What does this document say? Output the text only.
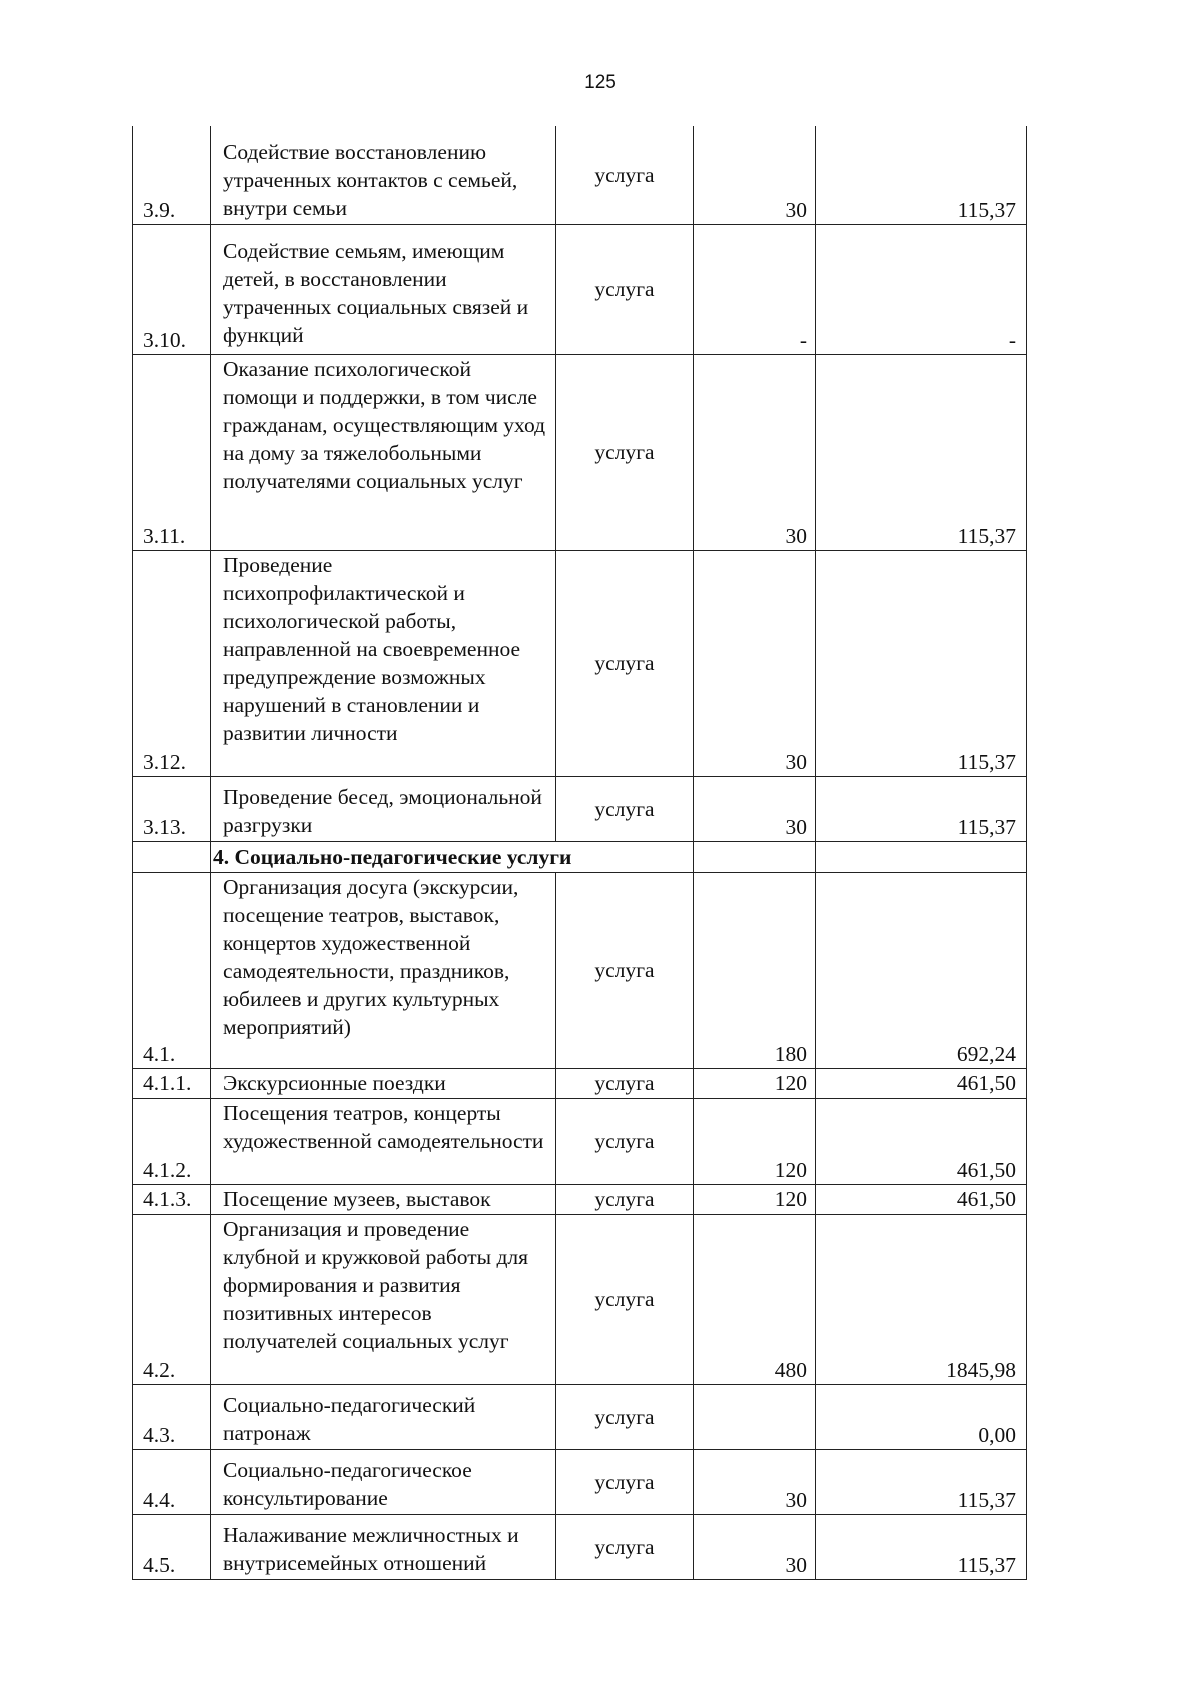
125
3.9.	Содействие восстановлению утраченных контактов с семьей, внутри семьи	услуга	30	115,37
3.10.	Содействие семьям, имеющим детей, в восстановлении утраченных социальных связей и функций	услуга	-	-
3.11.	Оказание психологической помощи и поддержки, в том числе гражданам, осуществляющим уход на дому за тяжелобольными получателями социальных услуг	услуга	30	115,37
3.12.	Проведение психопрофилактической и психологической работы, направленной на своевременное предупреждение возможных нарушений в становлении и развитии личности	услуга	30	115,37
3.13.	Проведение бесед, эмоциональной разгрузки	услуга	30	115,37
	4. Социально-педагогические услуги			
4.1.	Организация досуга (экскурсии, посещение театров, выставок, концертов художественной самодеятельности, праздников, юбилеев и других культурных мероприятий)	услуга	180	692,24
4.1.1.	Экскурсионные поездки	услуга	120	461,50
4.1.2.	Посещения театров, концерты художественной самодеятельности	услуга	120	461,50
4.1.3.	Посещение музеев, выставок	услуга	120	461,50
4.2.	Организация и проведение клубной и кружковой работы для формирования и развития позитивных интересов получателей социальных услуг	услуга	480	1845,98
4.3.	Социально-педагогический патронаж	услуга		0,00
4.4.	Социально-педагогическое консультирование	услуга	30	115,37
4.5.	Налаживание межличностных и внутрисемейных отношений	услуга	30	115,37
